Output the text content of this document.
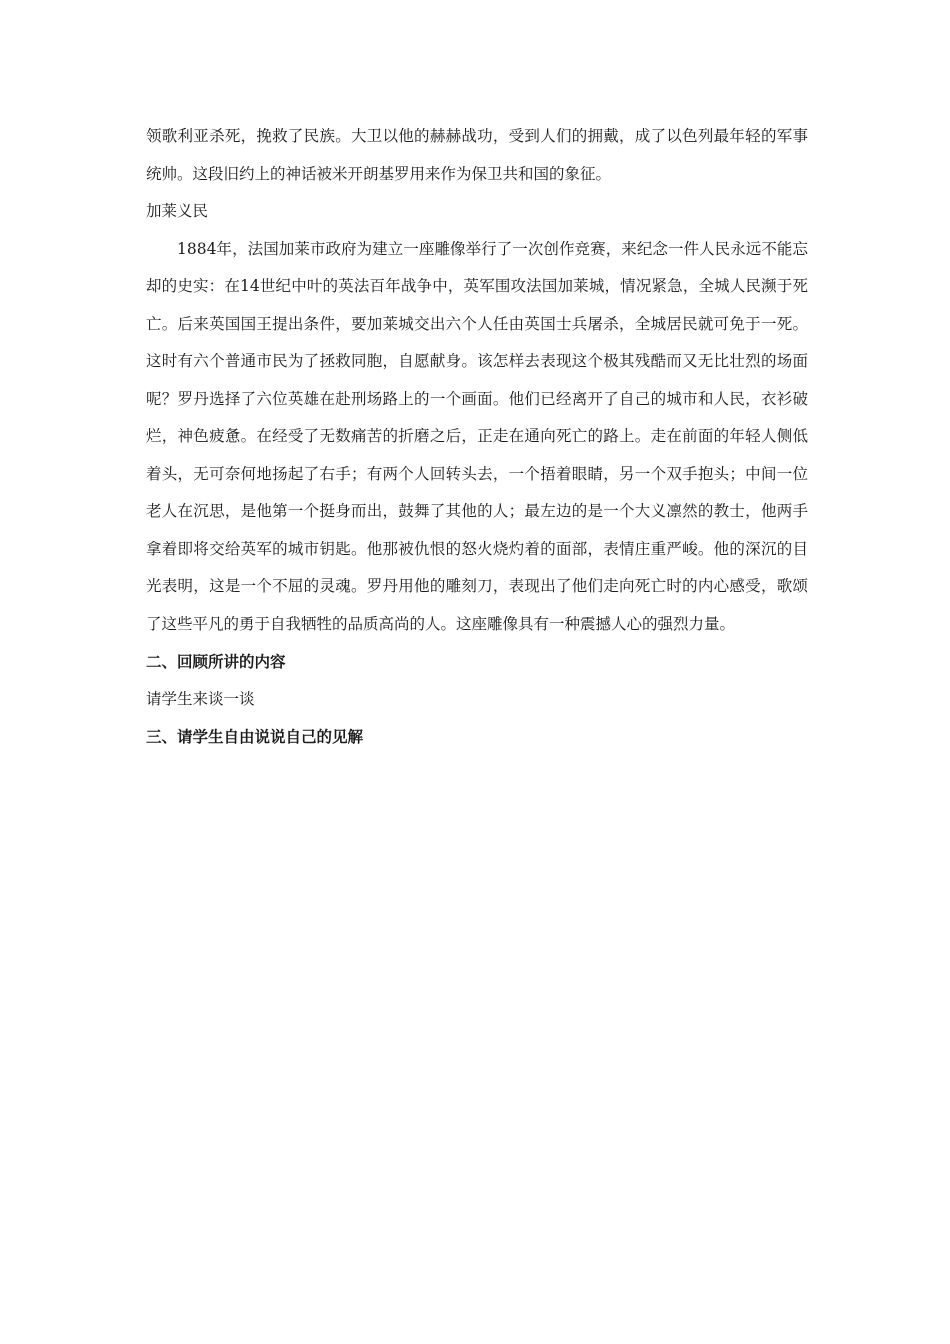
领歌利亚杀死，挽救了民族。大卫以他的赫赫战功，受到人们的拥戴，成了以色列最年轻的军事统帅。这段旧约上的神话被米开朗基罗用来作为保卫共和国的象征。

加莱义民

1884年，法国加莱市政府为建立一座雕像举行了一次创作竞赛，来纪念一件人民永远不能忘却的史实：在14世纪中叶的英法百年战争中，英军围攻法国加莱城，情况紧急，全城人民濒于死亡。后来英国国王提出条件，要加莱城交出六个人任由英国士兵屠杀，全城居民就可免于一死。这时有六个普通市民为了拯救同胞，自愿献身。该怎样去表现这个极其残酷而又无比壮烈的场面呢？罗丹选择了六位英雄在赴刑场路上的一个画面。他们已经离开了自己的城市和人民，衣衫破烂，神色疲惫。在经受了无数痛苦的折磨之后，正走在通向死亡的路上。走在前面的年轻人侧低着头，无可奈何地扬起了右手；有两个人回转头去，一个捂着眼睛，另一个双手抱头；中间一位老人在沉思，是他第一个挺身而出，鼓舞了其他的人；最左边的是一个大义凛然的教士，他两手拿着即将交给英军的城市钥匙。他那被仇恨的怒火烧灼着的面部，表情庄重严峻。他的深沉的目光表明，这是一个不屈的灵魂。罗丹用他的雕刻刀，表现出了他们走向死亡时的内心感受，歌颂了这些平凡的勇于自我牺牲的品质高尚的人。这座雕像具有一种震撼人心的强烈力量。

二、回顾所讲的内容

请学生来谈一谈

三、请学生自由说说自己的见解
